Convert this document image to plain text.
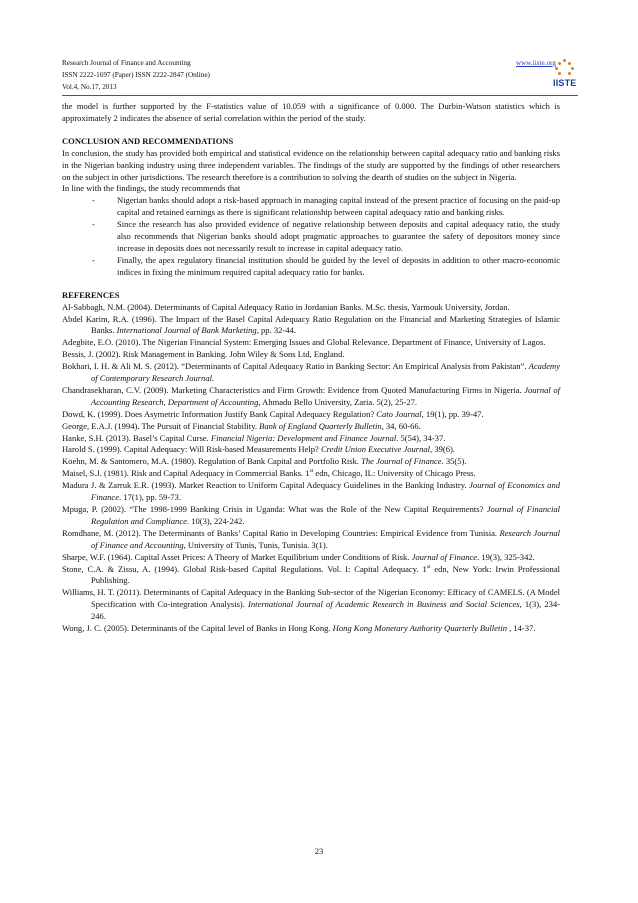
Research Journal of Finance and Accounting
ISSN 2222-1697 (Paper) ISSN 2222-2847 (Online)
Vol.4, No.17, 2013
www.iiste.org
IISTE

the model is further supported by the F-statistics value of 10.059 with a significance of 0.000. The Durbin-Watson statistics which is approximately 2 indicates the absence of serial correlation within the period of the study.

CONCLUSION AND RECOMMENDATIONS

In conclusion, the study has provided both empirical and statistical evidence on the relationship between capital adequacy ratio and banking risks in the Nigerian banking industry using three independent variables. The findings of the study are supported by the findings of other researchers on the subject in other jurisdictions. The research therefore is a contribution to solving the dearth of studies on the subject in Nigeria.

In line with the findings, the study recommends that

-	Nigerian banks should adopt a risk-based approach in managing capital instead of the present practice of focusing on the paid-up capital and retained earnings as there is significant relationship between capital adequacy ratio and banking risks.
-	Since the research has also provided evidence of negative relationship between deposits and capital adequacy ratio, the study also recommends that Nigerian banks should adopt pragmatic approaches to guarantee the safety of depositors money since increase in deposits does not necessarily result to increase in capital adequacy ratio.
-	Finally, the apex regulatory financial institution should be guided by the level of deposits in addition to other macro-economic indices in fixing the minimum required capital adequacy ratio for banks.

REFERENCES

Al-Sabbagh, N.M. (2004). Determinants of Capital Adequacy Ratio in Jordanian Banks. M.Sc. thesis, Yarmouk University, Jordan.

Abdel Karim, R.A. (1996). The Impact of the Basel Capital Adequacy Ratio Regulation on the Financial and Marketing Strategies of Islamic Banks. International Journal of Bank Marketing, pp. 32-44.

Adegbite, E.O. (2010). The Nigerian Financial System: Emerging Issues and Global Relevance. Department of Finance, University of Lagos.

Bessis, J. (2002). Risk Management in Banking. John Wiley & Sons Ltd, England.

Bokhari, I. H. & Ali M. S. (2012). “Determinants of Capital Adequacy Ratio in Banking Sector: An Empirical Analysis from Pakistan”. Academy of Contemporary Research Journal.

Chandrasekharan, C.V. (2009). Marketing Characteristics and Firm Growth: Evidence from Quoted Manufacturing Firms in Nigeria. Journal of Accounting Research, Department of Accounting, Ahmadu Bello University, Zaria. 5(2), 25-27.

Dowd, K. (1999). Does Asymetric Information Justify Bank Capital Adequacy Regulation? Cato Journal, 19(1), pp. 39-47.

George, E.A.J. (1994). The Pursuit of Financial Stability. Bank of England Quarterly Bulletin, 34, 60-66.

Hanke, S.H. (2013). Basel’s Capital Curse. Financial Nigeria: Development and Finance Journal. 5(54), 34-37.

Harold S. (1999). Capital Adequacy: Will Risk-based Measurements Help? Credit Union Executive Journal, 39(6).

Koehn, M. & Santomero, M.A. (1980). Regulation of Bank Capital and Portfolio Risk. The Journal of Finance. 35(5).

Maisel, S.J. (1981). Risk and Capital Adequacy in Commercial Banks. 1st edn, Chicago, IL: University of Chicago Press.

Madura J. & Zarruk E.R. (1993). Market Reaction to Uniform Capital Adequacy Guidelines in the Banking Industry. Journal of Economics and Finance. 17(1), pp. 59-73.

Mpuga, P. (2002). “The 1998-1999 Banking Crisis in Uganda: What was the Role of the New Capital Requirements? Journal of Financial Regulation and Compliance. 10(3), 224-242.

Romdhane, M. (2012). The Determinants of Banks’ Capital Ratio in Developing Countries: Empirical Evidence from Tunisia. Research Journal of Finance and Accounting, University of Tunis, Tunis, Tunisia. 3(1).

Sharpe, W.F. (1964). Capital Asset Prices: A Theory of Market Equilibrium under Conditions of Risk. Journal of Finance. 19(3), 325-342.

Stone, C.A. & Zissu, A. (1994). Global Risk-based Capital Regulations. Vol. I: Capital Adequacy. 1st edn, New York: Irwin Professional Publishing.

Williams, H. T. (2011). Determinants of Capital Adequacy in the Banking Sub-sector of the Nigerian Economy: Efficacy of CAMELS. (A Model Specification with Co-integration Analysis). International Journal of Academic Research in Business and Social Sciences, 1(3), 234-246.

Wong, J. C. (2005). Determinants of the Capital level of Banks in Hong Kong. Hong Kong Monetary Authority Quarterly Bulletin , 14-37.

23
